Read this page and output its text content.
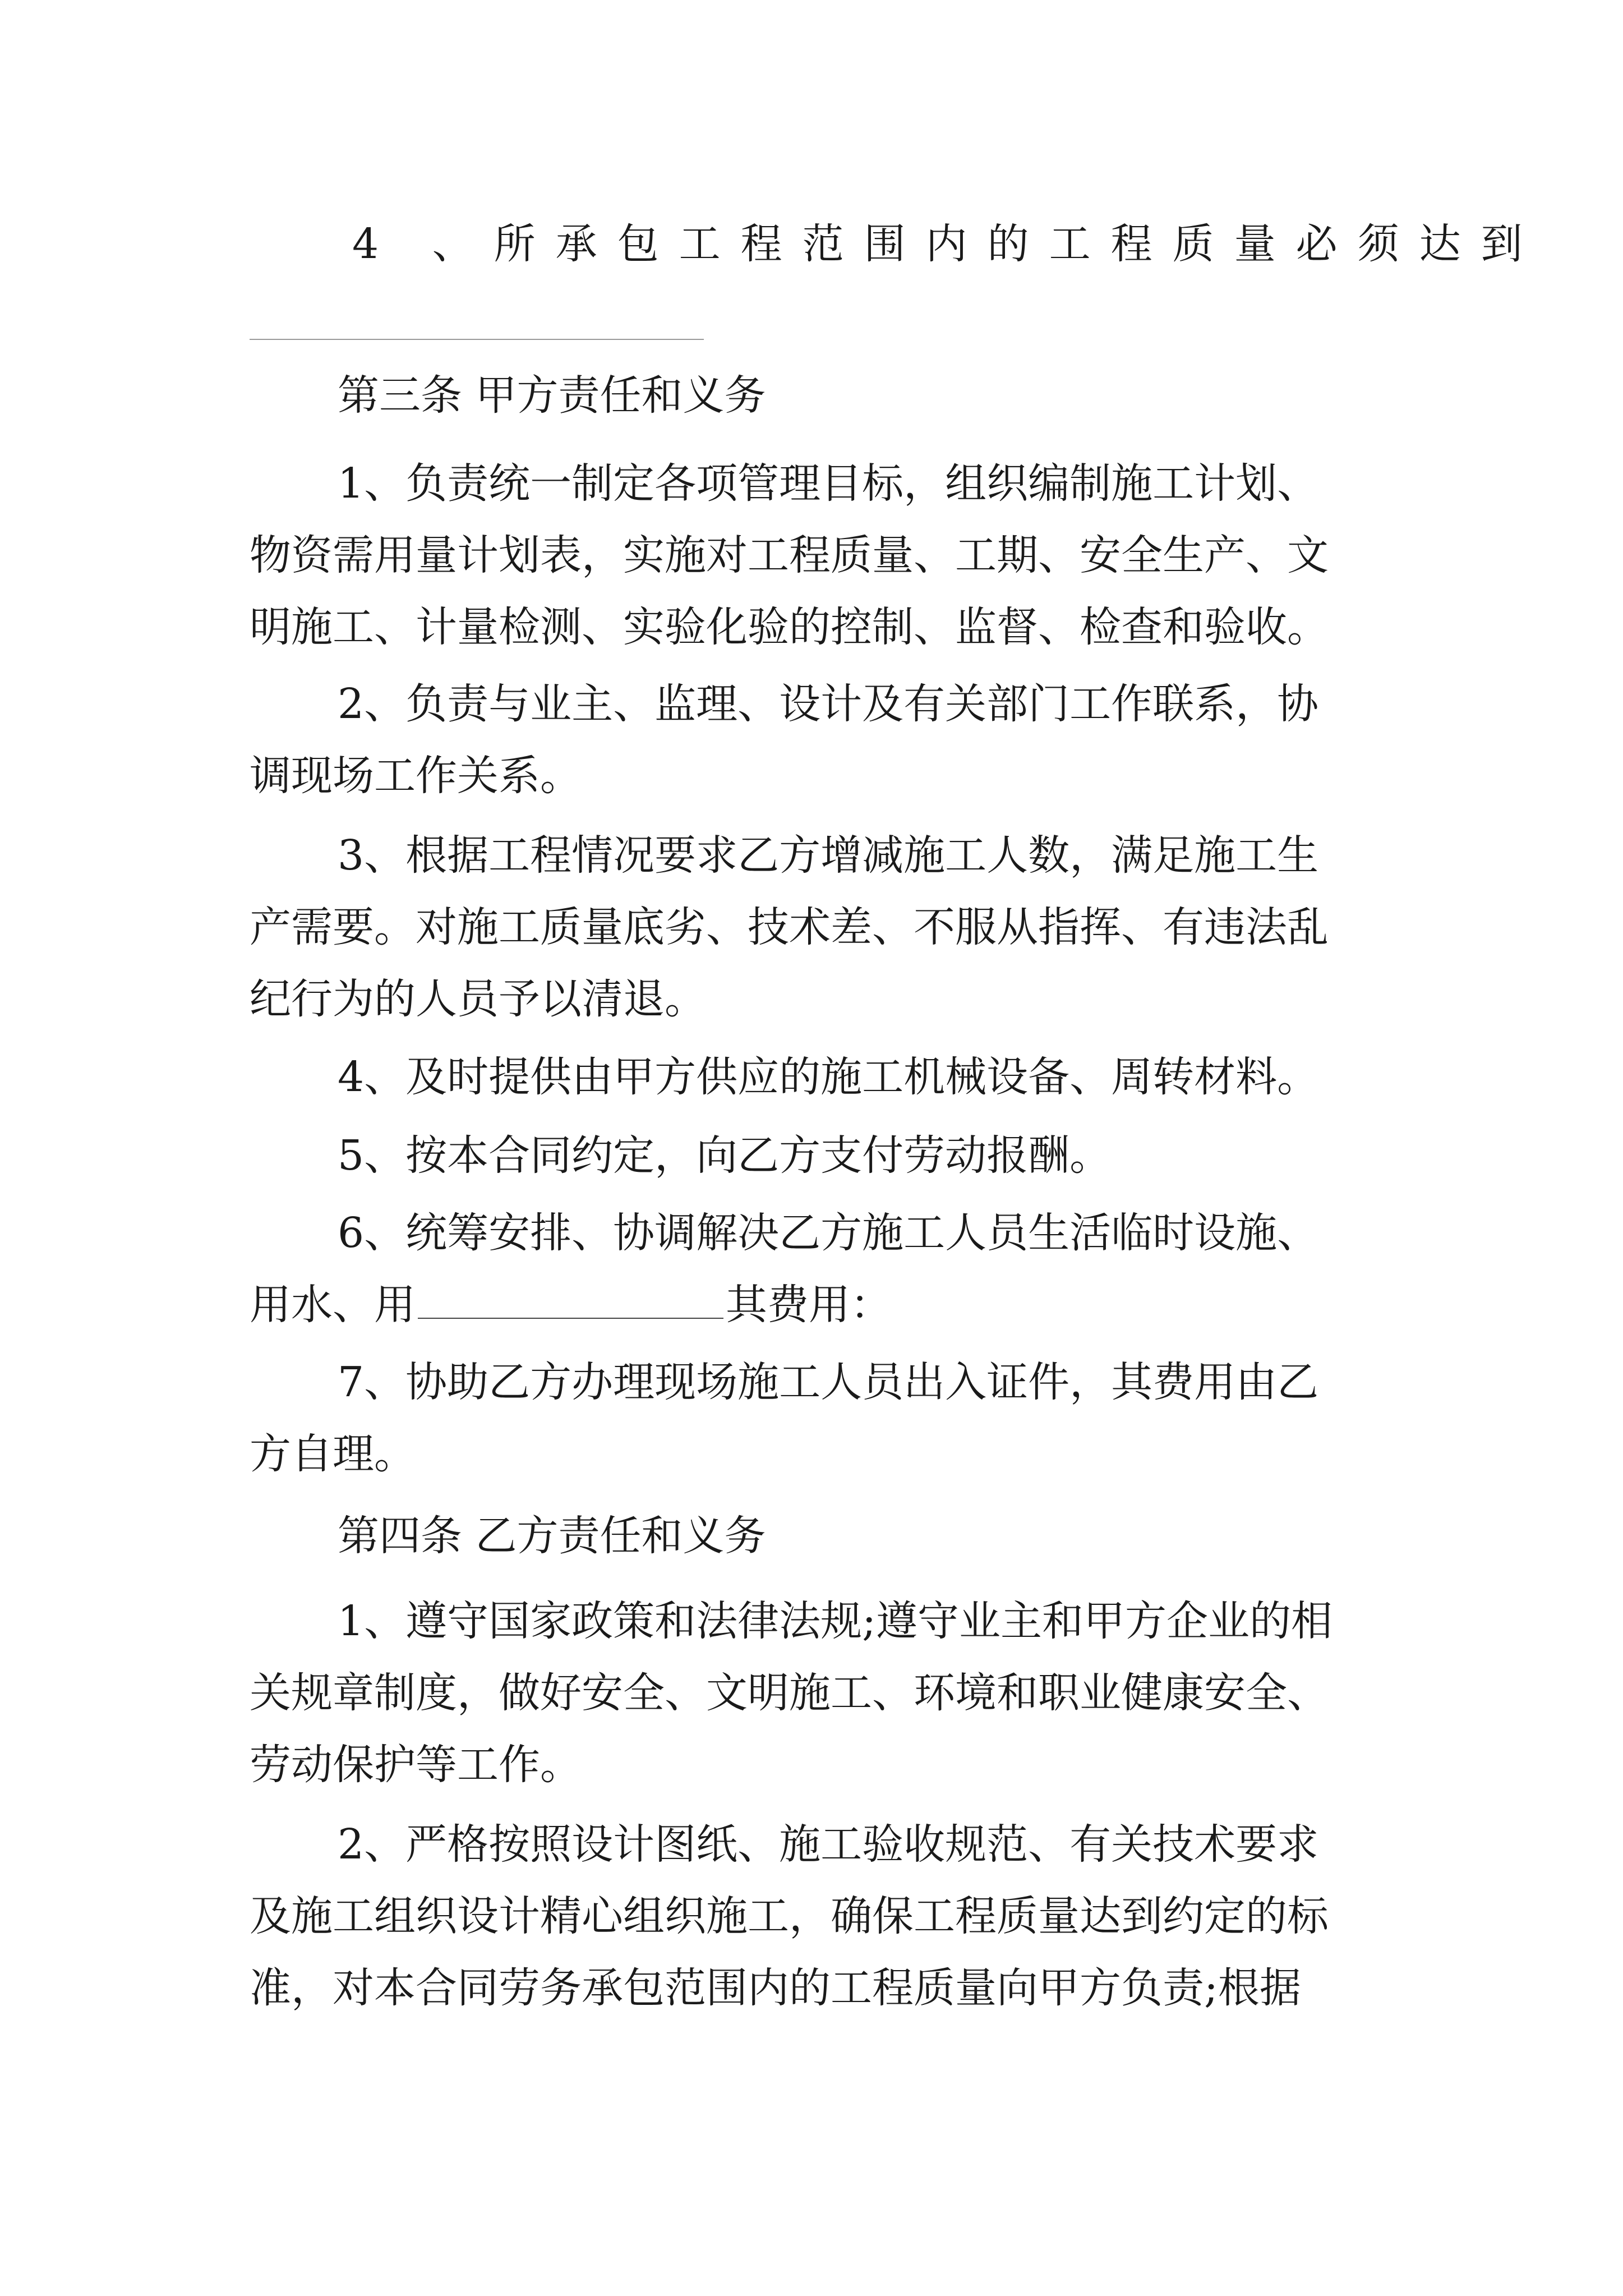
4 、所承包工程范围内的工程质量必须达到
第三条 甲方责任和义务
1、负责统一制定各项管理目标，组织编制施工计划、
物资需用量计划表，实施对工程质量、工期、安全生产、文
明施工、计量检测、实验化验的控制、监督、检查和验收。
2、负责与业主、监理、设计及有关部门工作联系，协
调现场工作关系。
3、根据工程情况要求乙方增减施工人数，满足施工生
产需要。对施工质量底劣、技术差、不服从指挥、有违法乱
纪行为的人员予以清退。
4、及时提供由甲方供应的施工机械设备、周转材料。
5、按本合同约定，向乙方支付劳动报酬。
6、统筹安排、协调解决乙方施工人员生活临时设施、
用水、用	其费用：
7、协助乙方办理现场施工人员出入证件，其费用由乙
方自理。
第四条 乙方责任和义务
1、遵守国家政策和法律法规;遵守业主和甲方企业的相
关规章制度，做好安全、文明施工、环境和职业健康安全、
劳动保护等工作。
2、严格按照设计图纸、施工验收规范、有关技术要求
及施工组织设计精心组织施工，确保工程质量达到约定的标
准，对本合同劳务承包范围内的工程质量向甲方负责;根据
